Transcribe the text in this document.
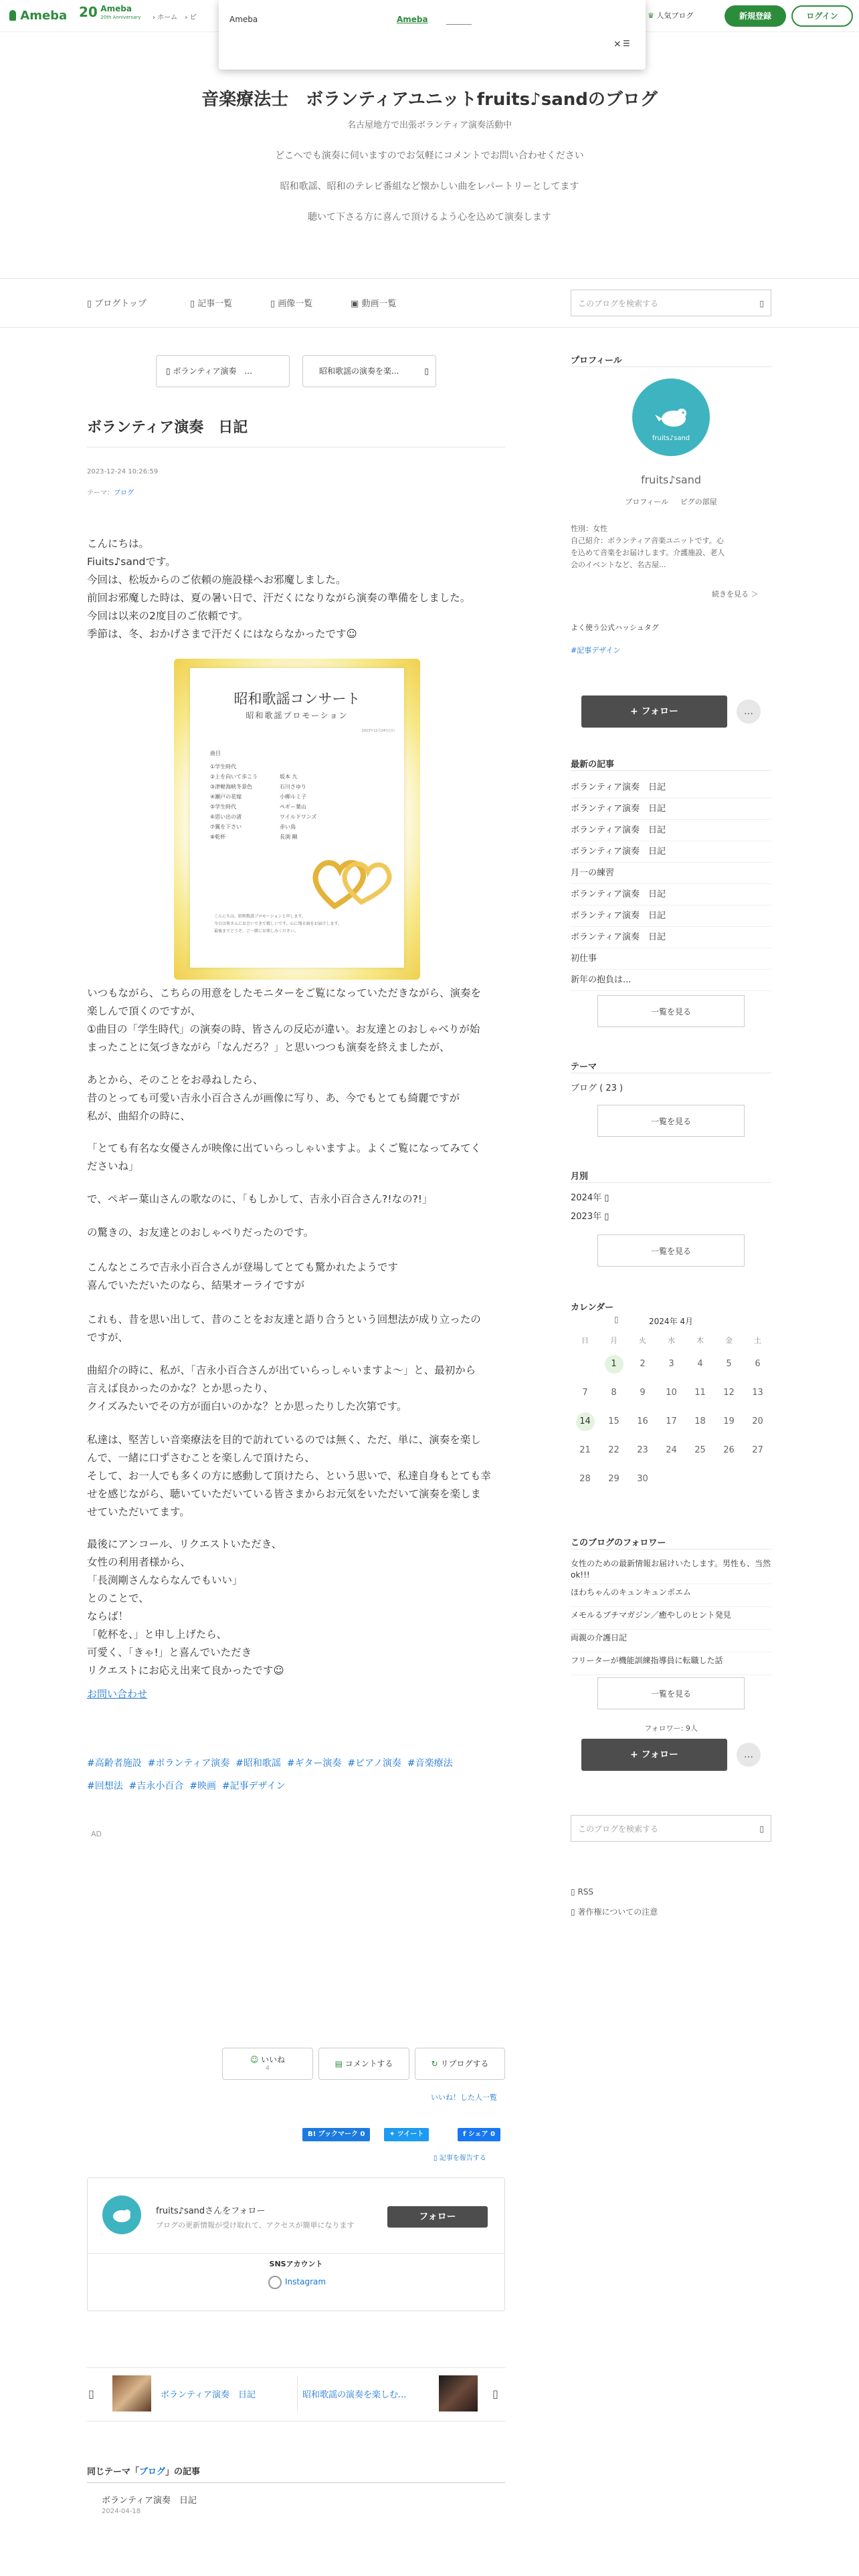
Ameba 20 Ameba
20th Anniversary › ホーム › ピ	♛ 人気ブログ	新規登録	ログイン
Ameba	Ameba
× ☰
音楽療法士　ボランティアユニットfruits♪sandのブログ
名古屋地方で出張ボランティア演奏活動中
どこへでも演奏に伺いますのでお気軽にコメントでお問い合わせください
昭和歌謡、昭和のテレビ番組など懐かしい曲をレパートリーとしてます
聴いて下さる方に喜んで頂けるよう心を込めて演奏します
▯ ブログトップ	▯ 記事一覧	▯ 画像一覧	▣ 動画一覧	このブログを検索する	▯
▯ ボランティア演奏　...	昭和歌謡の演奏を楽...	▯
ボランティア演奏　日記
2023-12-24 10:26:59
テーマ：ブログ
こんにちは。
Fiuits♪sandです。
今回は、松坂からのご依頼の施設様へお邪魔しました。
前回お邪魔した時は、夏の暑い日で、汗だくになりながら演奏の準備をしました。
今回は以来の2度目のご依頼です。
季節は、冬、おかげさまで汗だくにはならなかったです☺
昭和歌謡コンサート
昭和歌謡プロモーション
2023年12月24日(日)
曲目
①学生時代
②上を向いて歩こう	坂本 九
③津軽海峡冬景色	石川さゆり
④瀬戸の花嫁	小柳ルミ子
⑤学生時代	ペギー葉山
⑥思い出の渚	ワイルドワンズ
⑦翼を下さい	赤い鳥
⑧乾杯	長渕 剛
こんにちは。昭和歌謡プロモーションと申します。
今日は皆さんにお会いできて嬉しいです。心に残る曲をお届けします。
最後までどうぞ、ご一緒にお楽しみください。
いつもながら、こちらの用意をしたモニターをご覧になっていただきながら、演奏を
楽しんで頂くのですが、
①曲目の「学生時代」の演奏の時、皆さんの反応が違い。お友達とのおしゃべりが始
まったことに気づきながら「なんだろ？」と思いつつも演奏を終えましたが、
あとから、そのことをお尋ねしたら、
昔のとっても可愛い吉永小百合さんが画像に写り、あ、今でもとても綺麗ですが
私が、曲紹介の時に、
「とても有名な女優さんが映像に出ていらっしゃいますよ。よくご覧になってみてく
ださいね」
で、ペギー葉山さんの歌なのに、「もしかして、吉永小百合さん?!なの?!」
の驚きの、お友達とのおしゃべりだったのです。
こんなところで吉永小百合さんが登場してとても驚かれたようです
喜んでいただいたのなら、結果オーライですが
これも、昔を思い出して、昔のことをお友達と語り合うという回想法が成り立ったの
ですが、
曲紹介の時に、私が、「吉永小百合さんが出ていらっしゃいますよ〜」と、最初から
言えば良かったのかな？とか思ったり、
クイズみたいでその方が面白いのかな？とか思ったりした次第です。
私達は、堅苦しい音楽療法を目的で訪れているのでは無く、ただ、単に、演奏を楽し
んで、一緒に口ずさむことを楽しんで頂けたら、
そして、お一人でも多くの方に感動して頂けたら、という思いで、私達自身もとても幸
せを感じながら、聴いていただいている皆さまからお元気をいただいて演奏を楽しま
せていただいてます。
最後にアンコール、リクエストいただき、
女性の利用者様から、
「長渕剛さんならなんでもいい」
とのことで、
ならば！
「乾杯を、」と申し上げたら、
可愛く、「きゃ!」と喜んでいただき
リクエストにお応え出来て良かったです☺
お問い合わせ
#高齢者施設 #ボランティア演奏 #昭和歌謡 #ギター演奏 #ピアノ演奏 #音楽療法
#回想法 #吉永小百合 #映画 #記事デザイン
AD
☺ いいね
4	▤ コメントする	↻ リブログする
いいね！した人一覧
B! ブックマーク 0	✦ ツイート	f シェア 0
▯ 記事を報告する
fruits♪sandさんをフォロー
ブログの更新情報が受け取れて、アクセスが簡単になります
フォロー
SNSアカウント
Instagram
▯	ボランティア演奏　日記	昭和歌謡の演奏を楽しむ...	▯
同じテーマ「ブログ」の記事
ボランティア演奏　日記
2024-04-18
プロフィール
fruits♪sand
fruits♪sand
プロフィール ピグの部屋
性別：女性
自己紹介：ボランティア音楽ユニットです。心
を込めて音楽をお届けします。介護施設、老人
会のイベントなど、名古屋...
続きを見る ＞
よく使う公式ハッシュタグ
#記事デザイン
+ フォロー	…
最新の記事
ボランティア演奏　日記
ボランティア演奏　日記
ボランティア演奏　日記
ボランティア演奏　日記
月一の練習
ボランティア演奏　日記
ボランティア演奏　日記
ボランティア演奏　日記
初仕事
新年の抱負は...
一覧を見る
テーマ
ブログ ( 23 )
一覧を見る
月別
2024年 ▯
2023年 ▯
一覧を見る
カレンダー
▯	2024年 4月
日	月	火	水	木	金	土
	1	2	3	4	5	6
7	8	9	10	11	12	13
14	15	16	17	18	19	20
21	22	23	24	25	26	27
28	29	30				
このブログのフォロワー
女性のための最新情報お届けいたします。男性も、当然ok!!!
ほわちゃんのキュンキュンポエム
メモルるブチマガジン／癒やしのヒント発見
両親の介護日記
フリーターが機能訓練指導員に転職した話
一覧を見る
フォロワー: 9人
+ フォロー	…
このブログを検索する	▯
▯ RSS
▯ 著作権についての注意
